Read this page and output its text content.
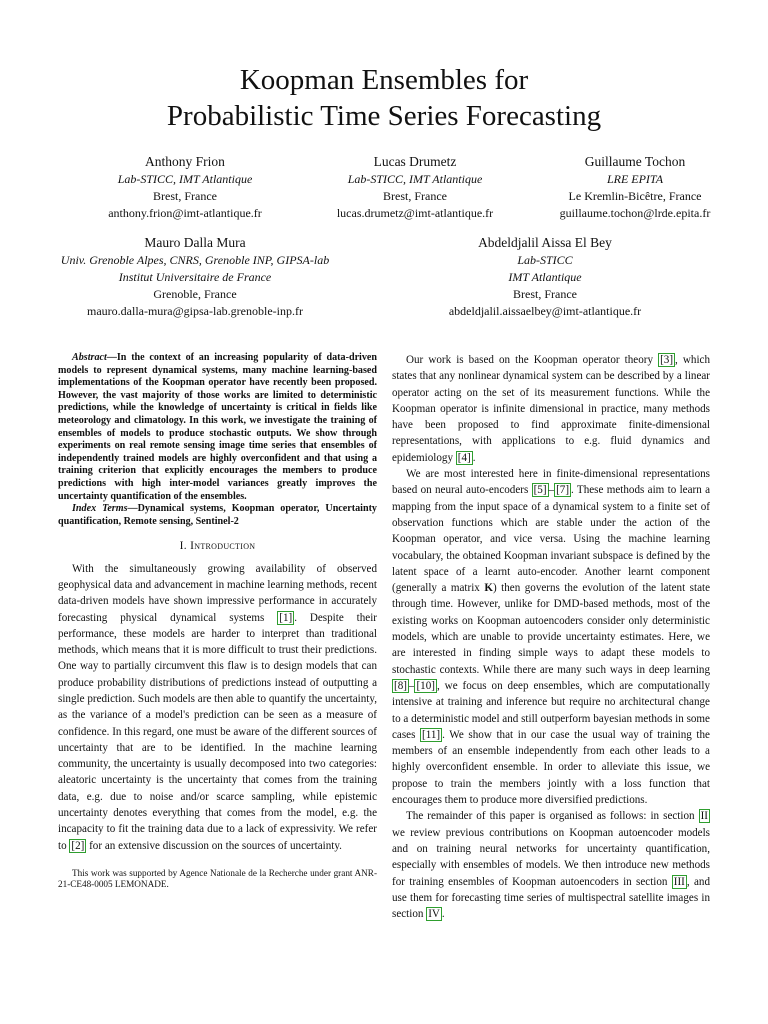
Koopman Ensembles for
Probabilistic Time Series Forecasting
Anthony Frion
Lab-STICC, IMT Atlantique
Brest, France
anthony.frion@imt-atlantique.fr
Lucas Drumetz
Lab-STICC, IMT Atlantique
Brest, France
lucas.drumetz@imt-atlantique.fr
Guillaume Tochon
LRE EPITA
Le Kremlin-Bicêtre, France
guillaume.tochon@lrde.epita.fr
Mauro Dalla Mura
Univ. Grenoble Alpes, CNRS, Grenoble INP, GIPSA-lab
Institut Universitaire de France
Grenoble, France
mauro.dalla-mura@gipsa-lab.grenoble-inp.fr
Abdeldjalil Aissa El Bey
Lab-STICC
IMT Atlantique
Brest, France
abdeldjalil.aissaelbey@imt-atlantique.fr

Abstract—In the context of an increasing popularity of data-driven models to represent dynamical systems, many machine learning-based implementations of the Koopman operator have recently been proposed. However, the vast majority of those works are limited to deterministic predictions, while the knowledge of uncertainty is critical in fields like meteorology and climatology. In this work, we investigate the training of ensembles of models to produce stochastic outputs. We show through experiments on real remote sensing image time series that ensembles of independently trained models are highly overconfident and that using a training criterion that explicitly encourages the members to produce predictions with high inter-model variances greatly improves the uncertainty quantification of the ensembles.

Index Terms—Dynamical systems, Koopman operator, Uncertainty quantification, Remote sensing, Sentinel-2

I. Introduction

With the simultaneously growing availability of observed geophysical data and advancement in machine learning methods, recent data-driven models have shown impressive performance in accurately forecasting physical dynamical systems [1] . Despite their performance, these models are harder to interpret than traditional methods, which means that it is more difficult to trust their predictions. One way to partially circumvent this flaw is to design models that can produce probability distributions of predictions instead of outputting a single prediction. Such models are then able to quantify the uncertainty, as the variance of a model's prediction can be seen as a measure of confidence. In this regard, one must be aware of the different sources of uncertainty that are to be identified. In the machine learning community, the uncertainty is usually decomposed into two categories: aleatoric uncertainty is the uncertainty that comes from the training data, e.g. due to noise and/or scarce sampling, while epistemic uncertainty denotes everything that comes from the model, e.g. the incapacity to fit the training data due to a lack of expressivity. We refer to [2] for an extensive discussion on the sources of uncertainty.

This work was supported by Agence Nationale de la Recherche under grant ANR-21-CE48-0005 LEMONADE.

Our work is based on the Koopman operator theory [3] , which states that any nonlinear dynamical system can be described by a linear operator acting on the set of its measurement functions. While the Koopman operator is infinite dimensional in practice, many methods have been proposed to find approximate finite-dimensional representations, with applications to e.g. fluid dynamics and epidemiology [4] .

We are most interested here in finite-dimensional representations based on neural auto-encoders [5] – [7] . These methods aim to learn a mapping from the input space of a dynamical system to a finite set of observation functions which are stable under the action of the Koopman operator, and vice versa. Using the machine learning vocabulary, the obtained Koopman invariant subspace is defined by the latent space of a learnt auto-encoder. Another learnt component (generally a matrix K) then governs the evolution of the latent state through time. However, unlike for DMD-based methods, most of the existing works on Koopman autoencoders consider only deterministic models, which are unable to provide uncertainty estimates. Here, we are interested in finding simple ways to adapt these models to stochastic contexts. While there are many such ways in deep learning [8] – [10] , we focus on deep ensembles, which are computationally intensive at training and inference but require no architectural change to a deterministic model and still outperform bayesian methods in some cases [11] . We show that in our case the usual way of training the members of an ensemble independently from each other leads to a highly overconfident ensemble. In order to alleviate this issue, we propose to train the members jointly with a loss function that encourages them to produce more diversified predictions.

The remainder of this paper is organised as follows: in section II we review previous contributions on Koopman autoencoder models and on training neural networks for uncertainty quantification, especially with ensembles of models. We then introduce new methods for training ensembles of Koopman autoencoders in section III , and use them for forecasting time series of multispectral satellite images in section IV .
